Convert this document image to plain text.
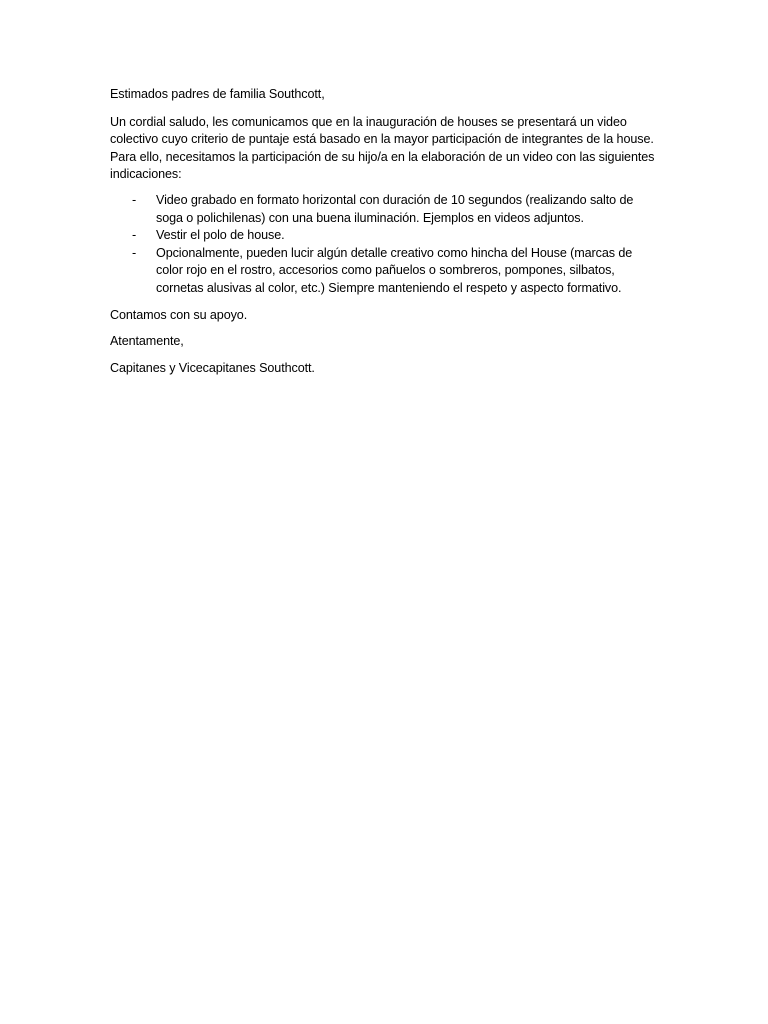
Estimados padres de familia Southcott,

Un cordial saludo, les comunicamos que en la inauguración de houses se presentará un video colectivo cuyo criterio de puntaje está basado en la mayor participación de integrantes de la house. Para ello, necesitamos la participación de su hijo/a en la elaboración de un video con las siguientes indicaciones:

-	Video grabado en formato horizontal con duración de 10 segundos (realizando salto de soga o polichilenas) con una buena iluminación. Ejemplos en videos adjuntos.
-	Vestir el polo de house.
-	Opcionalmente, pueden lucir algún detalle creativo como hincha del House (marcas de color rojo en el rostro, accesorios como pañuelos o sombreros, pompones, silbatos, cornetas alusivas al color, etc.) Siempre manteniendo el respeto y aspecto formativo.

Contamos con su apoyo.

Atentamente,

Capitanes y Vicecapitanes Southcott.
